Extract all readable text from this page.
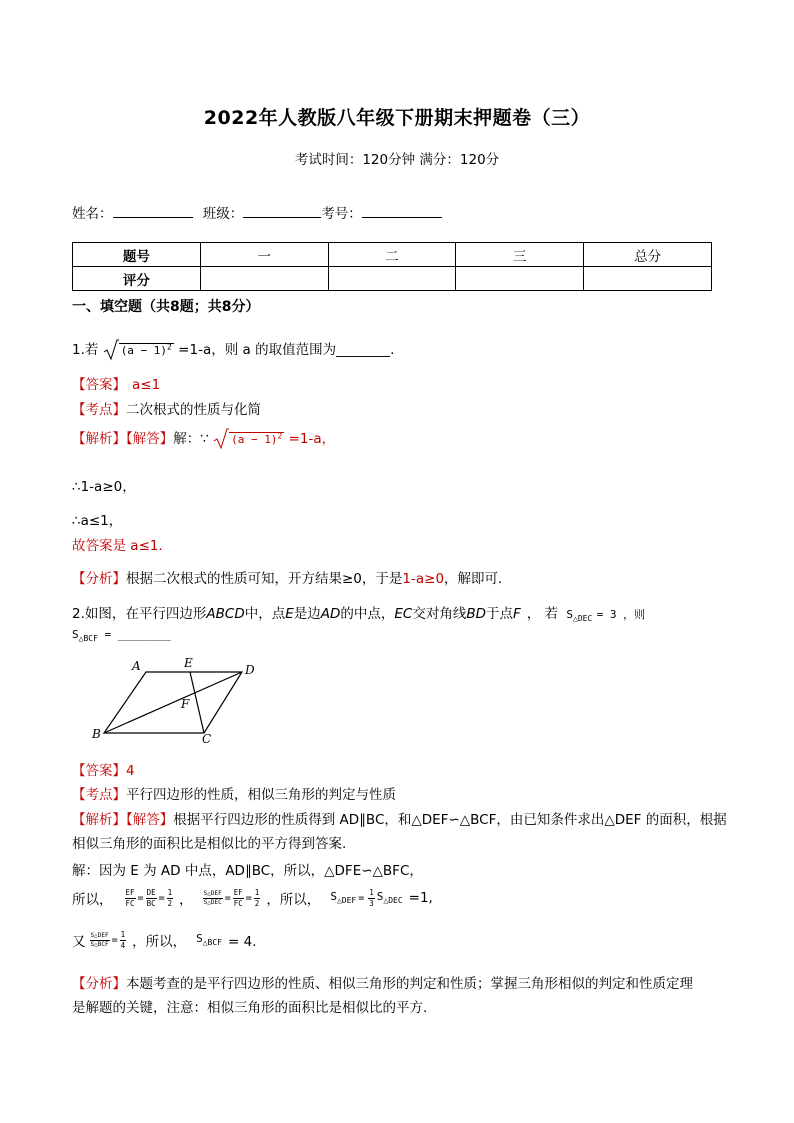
2022年人教版八年级下册期末押题卷（三）
考试时间：120分钟 满分：120分
姓名：	班级：	考号：
题号	一	二	三	总分
评分				
一、填空题（共8题；共8分）
1.若 $(a - 1)^2 =1-a$，则 a 的取值范围为________.
【答案】 a≤1
【考点】二次根式的性质与化简
【解析】【解答】解：∵ $(a - 1)^2 =1-a$，
∴1-a≥0，
∴a≤1，
故答案是 a≤1．
【分析】根据二次根式的性质可知，开方结果≥0，于是1-a≥0，解即可．
2.如图，在平行四边形ABCD中，点E是边AD的中点，EC交对角线BD于点F ， 若 $S_{\triangle DEC} = 3$ ，则
$S_{\triangle BCF}$ = ________
A	E	D
F
B	C
【答案】4
【考点】平行四边形的性质，相似三角形的判定与性质
【解析】【解答】根据平行四边形的性质得到 AD∥BC，和△DEF∽△BCF，由已知条件求出△DEF 的面积，根据
相似三角形的面积比是相似比的平方得到答案.
解：因为 E 为 AD 中点，AD∥BC，所以，△DFE∽△BFC，
所以， $\frac{EF}{FC} = \frac{DE}{BC} = \frac{1}{2}$ ， $\frac{\text{S△DEF}}{\text{S△DEC}} = \frac{EF}{FC} = \frac{1}{2}$ ，所以， $S_{\triangle DEF} = \frac{1}{3} S_{\triangle DEC} =1$,
又 $\frac{\text{S△DEF}}{\text{S△BCF}} = \frac{1}{4}$ ，所以， $S_{\triangle BCF} = 4$．
【分析】本题考查的是平行四边形的性质、相似三角形的判定和性质；掌握三角形相似的判定和性质定理
是解题的关键，注意：相似三角形的面积比是相似比的平方.
